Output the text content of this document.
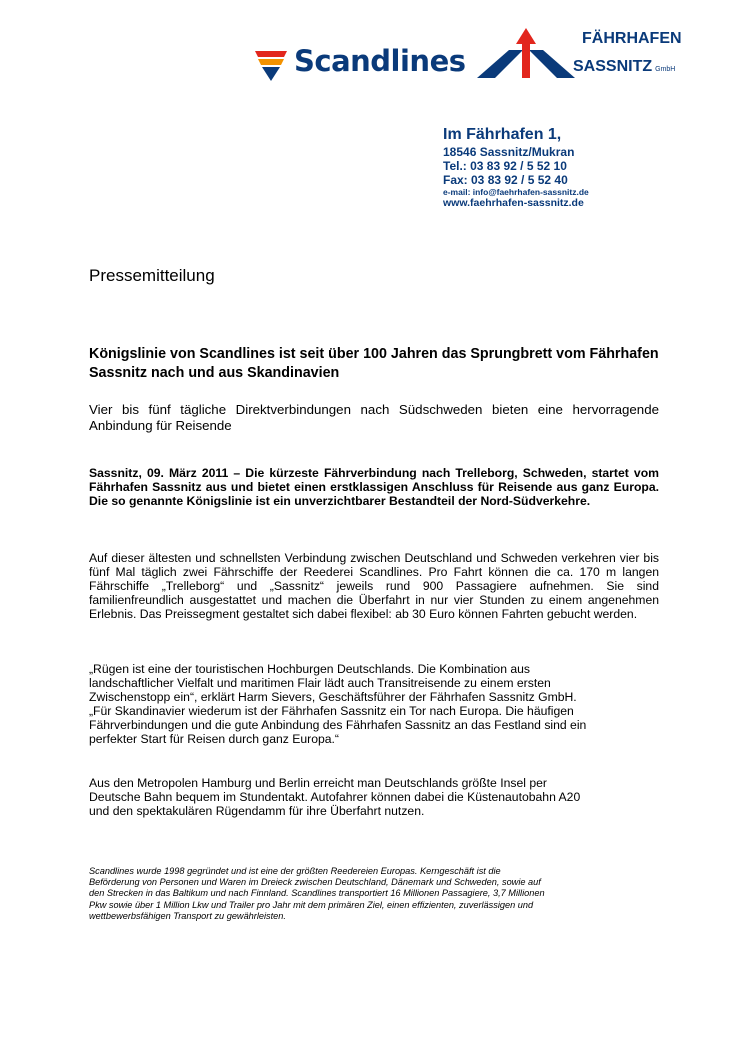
Scandlines
FÄHRHAFEN
SASSNITZ GmbH
Im Fährhafen 1,
18546 Sassnitz/Mukran
Tel.: 03 83 92 / 5 52 10
Fax: 03 83 92 / 5 52 40
e-mail: info@faehrhafen-sassnitz.de
www.faehrhafen-sassnitz.de
Pressemitteilung
Königslinie von Scandlines ist seit über 100 Jahren das Sprungbrett vom Fährhafen Sassnitz nach und aus Skandinavien
Vier bis fünf tägliche Direktverbindungen nach Südschweden bieten eine hervorragende Anbindung für Reisende
Sassnitz, 09. März 2011 – Die kürzeste Fährverbindung nach Trelleborg, Schweden, startet vom Fährhafen Sassnitz aus und bietet einen erstklassigen Anschluss für Reisende aus ganz Europa. Die so genannte Königslinie ist ein unverzichtbarer Bestandteil der Nord-Südverkehre.
Auf dieser ältesten und schnellsten Verbindung zwischen Deutschland und Schweden verkehren vier bis fünf Mal täglich zwei Fährschiffe der Reederei Scandlines. Pro Fahrt können die ca. 170 m langen Fährschiffe „Trelleborg“ und „Sassnitz“ jeweils rund 900 Passagiere aufnehmen. Sie sind familienfreundlich ausgestattet und machen die Überfahrt in nur vier Stunden zu einem angenehmen Erlebnis. Das Preissegment gestaltet sich dabei flexibel: ab 30 Euro können Fahrten gebucht werden.
„Rügen ist eine der touristischen Hochburgen Deutschlands. Die Kombination aus
landschaftlicher Vielfalt und maritimen Flair lädt auch Transitreisende zu einem ersten
Zwischenstopp ein“, erklärt Harm Sievers, Geschäftsführer der Fährhafen Sassnitz GmbH.
„Für Skandinavier wiederum ist der Fährhafen Sassnitz ein Tor nach Europa. Die häufigen
Fährverbindungen und die gute Anbindung des Fährhafen Sassnitz an das Festland sind ein
perfekter Start für Reisen durch ganz Europa.“
Aus den Metropolen Hamburg und Berlin erreicht man Deutschlands größte Insel per
Deutsche Bahn bequem im Stundentakt. Autofahrer können dabei die Küstenautobahn A20
und den spektakulären Rügendamm für ihre Überfahrt nutzen.
Scandlines wurde 1998 gegründet und ist eine der größten Reedereien Europas. Kerngeschäft ist die
Beförderung von Personen und Waren im Dreieck zwischen Deutschland, Dänemark und Schweden, sowie auf
den Strecken in das Baltikum und nach Finnland. Scandlines transportiert 16 Millionen Passagiere, 3,7 Millionen
Pkw sowie über 1 Million Lkw und Trailer pro Jahr mit dem primären Ziel, einen effizienten, zuverlässigen und
wettbewerbsfähigen Transport zu gewährleisten.
